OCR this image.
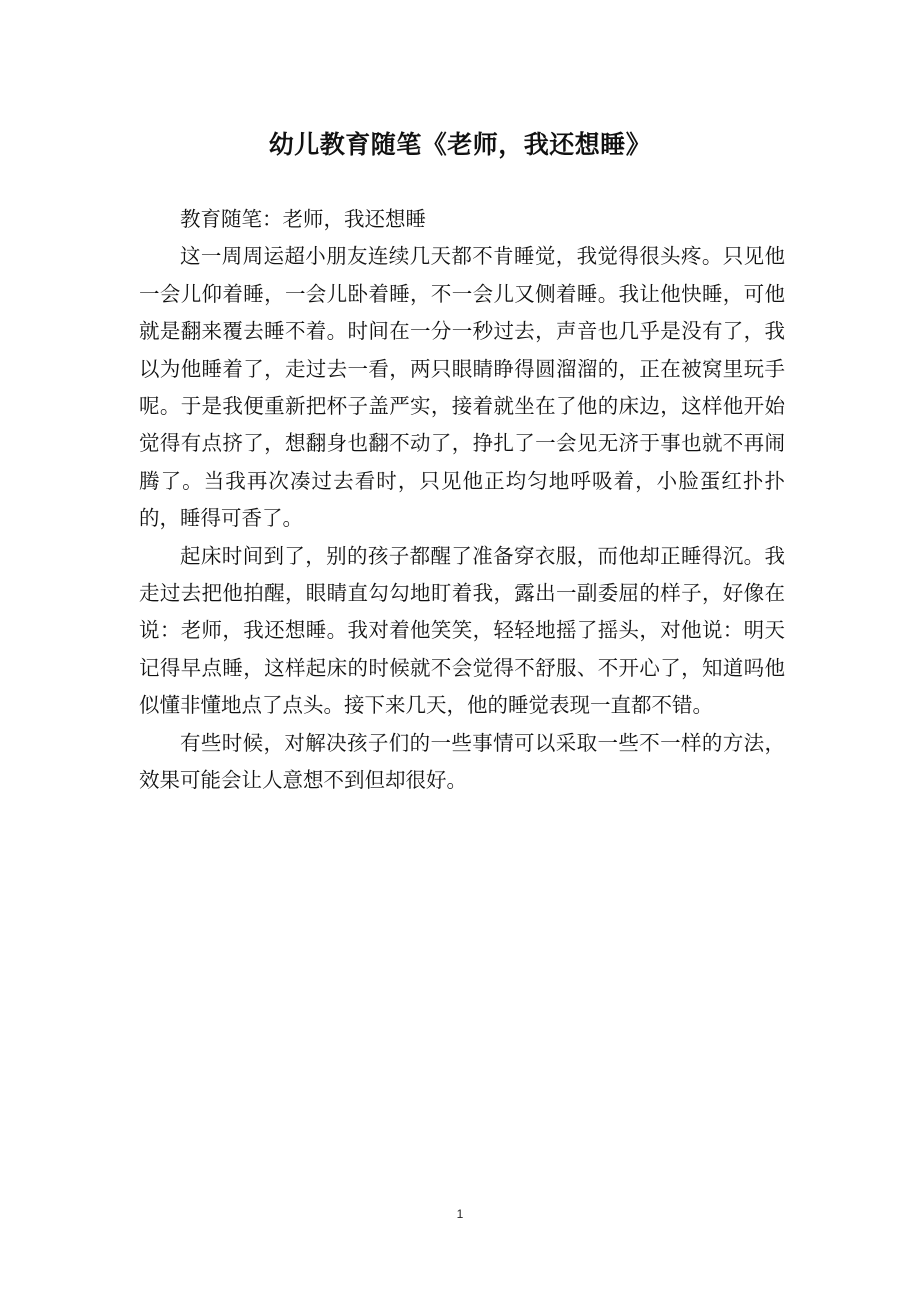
幼儿教育随笔《老师，我还想睡》

教育随笔：老师，我还想睡

这一周周运超小朋友连续几天都不肯睡觉，我觉得很头疼。只见他一会儿仰着睡，一会儿卧着睡，不一会儿又侧着睡。我让他快睡，可他就是翻来覆去睡不着。时间在一分一秒过去，声音也几乎是没有了，我以为他睡着了，走过去一看，两只眼睛睁得圆溜溜的，正在被窝里玩手呢。于是我便重新把杯子盖严实，接着就坐在了他的床边，这样他开始觉得有点挤了，想翻身也翻不动了，挣扎了一会见无济于事也就不再闹腾了。当我再次凑过去看时，只见他正均匀地呼吸着，小脸蛋红扑扑的，睡得可香了。

起床时间到了，别的孩子都醒了准备穿衣服，而他却正睡得沉。我走过去把他拍醒，眼睛直勾勾地盯着我，露出一副委屈的样子，好像在说：老师，我还想睡。我对着他笑笑，轻轻地摇了摇头，对他说：明天记得早点睡，这样起床的时候就不会觉得不舒服、不开心了，知道吗他似懂非懂地点了点头。接下来几天，他的睡觉表现一直都不错。

有些时候，对解决孩子们的一些事情可以采取一些不一样的方法，效果可能会让人意想不到但却很好。

1
